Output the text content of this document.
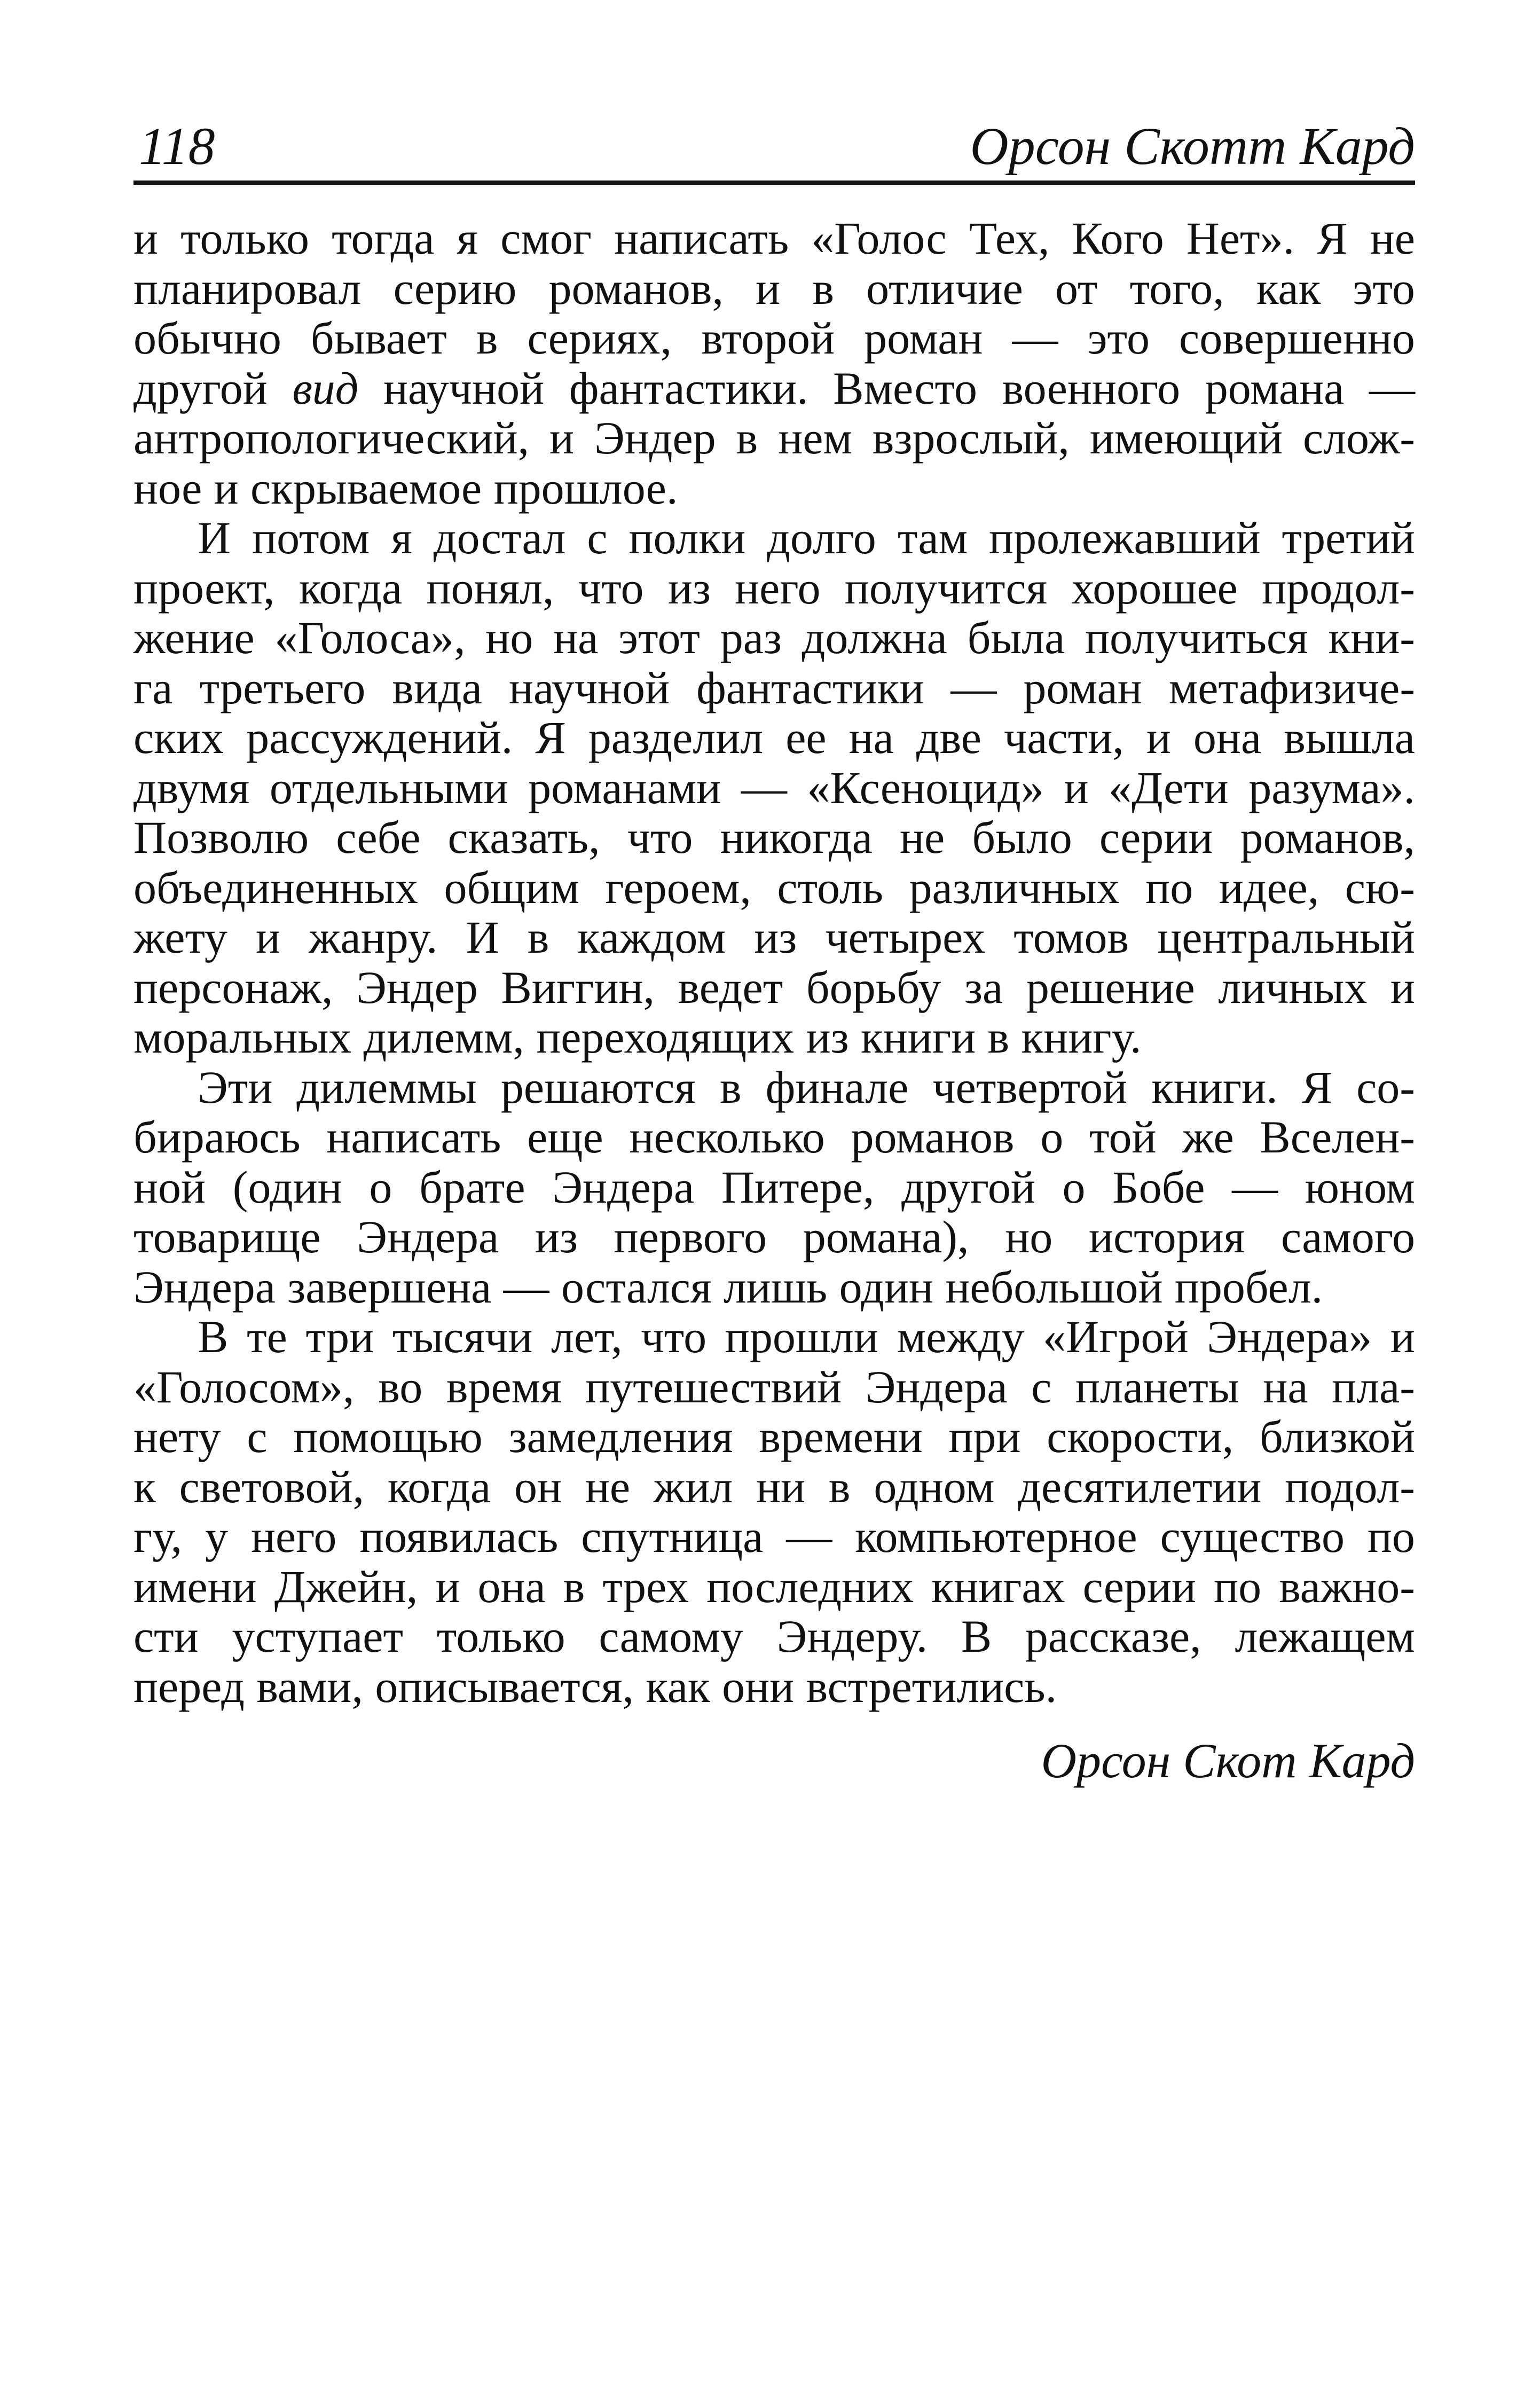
118	Орсон Скотт Кард
и только тогда я смог написать «Голос Тех, Кого Нет». Я не
планировал серию романов, и в отличие от того, как это
обычно бывает в сериях, второй роман — это совершенно
другой вид научной фантастики. Вместо военного романа —
антропологический, и Эндер в нем взрослый, имеющий слож-
ное и скрываемое прошлое.
И потом я достал с полки долго там пролежавший третий
проект, когда понял, что из него получится хорошее продол-
жение «Голоса», но на этот раз должна была получиться кни-
га третьего вида научной фантастики — роман метафизиче-
ских рассуждений. Я разделил ее на две части, и она вышла
двумя отдельными романами — «Ксеноцид» и «Дети разума».
Позволю себе сказать, что никогда не было серии романов,
объединенных общим героем, столь различных по идее, сю-
жету и жанру. И в каждом из четырех томов центральный
персонаж, Эндер Виггин, ведет борьбу за решение личных и
моральных дилемм, переходящих из книги в книгу.
Эти дилеммы решаются в финале четвертой книги. Я со-
бираюсь написать еще несколько романов о той же Вселен-
ной (один о брате Эндера Питере, другой о Бобе — юном
товарище Эндера из первого романа), но история самого
Эндера завершена — остался лишь один небольшой пробел.
В те три тысячи лет, что прошли между «Игрой Эндера» и
«Голосом», во время путешествий Эндера с планеты на пла-
нету с помощью замедления времени при скорости, близкой
к световой, когда он не жил ни в одном десятилетии подол-
гу, у него появилась спутница — компьютерное существо по
имени Джейн, и она в трех последних книгах серии по важно-
сти уступает только самому Эндеру. В рассказе, лежащем
перед вами, описывается, как они встретились.
Орсон Скот Кард
